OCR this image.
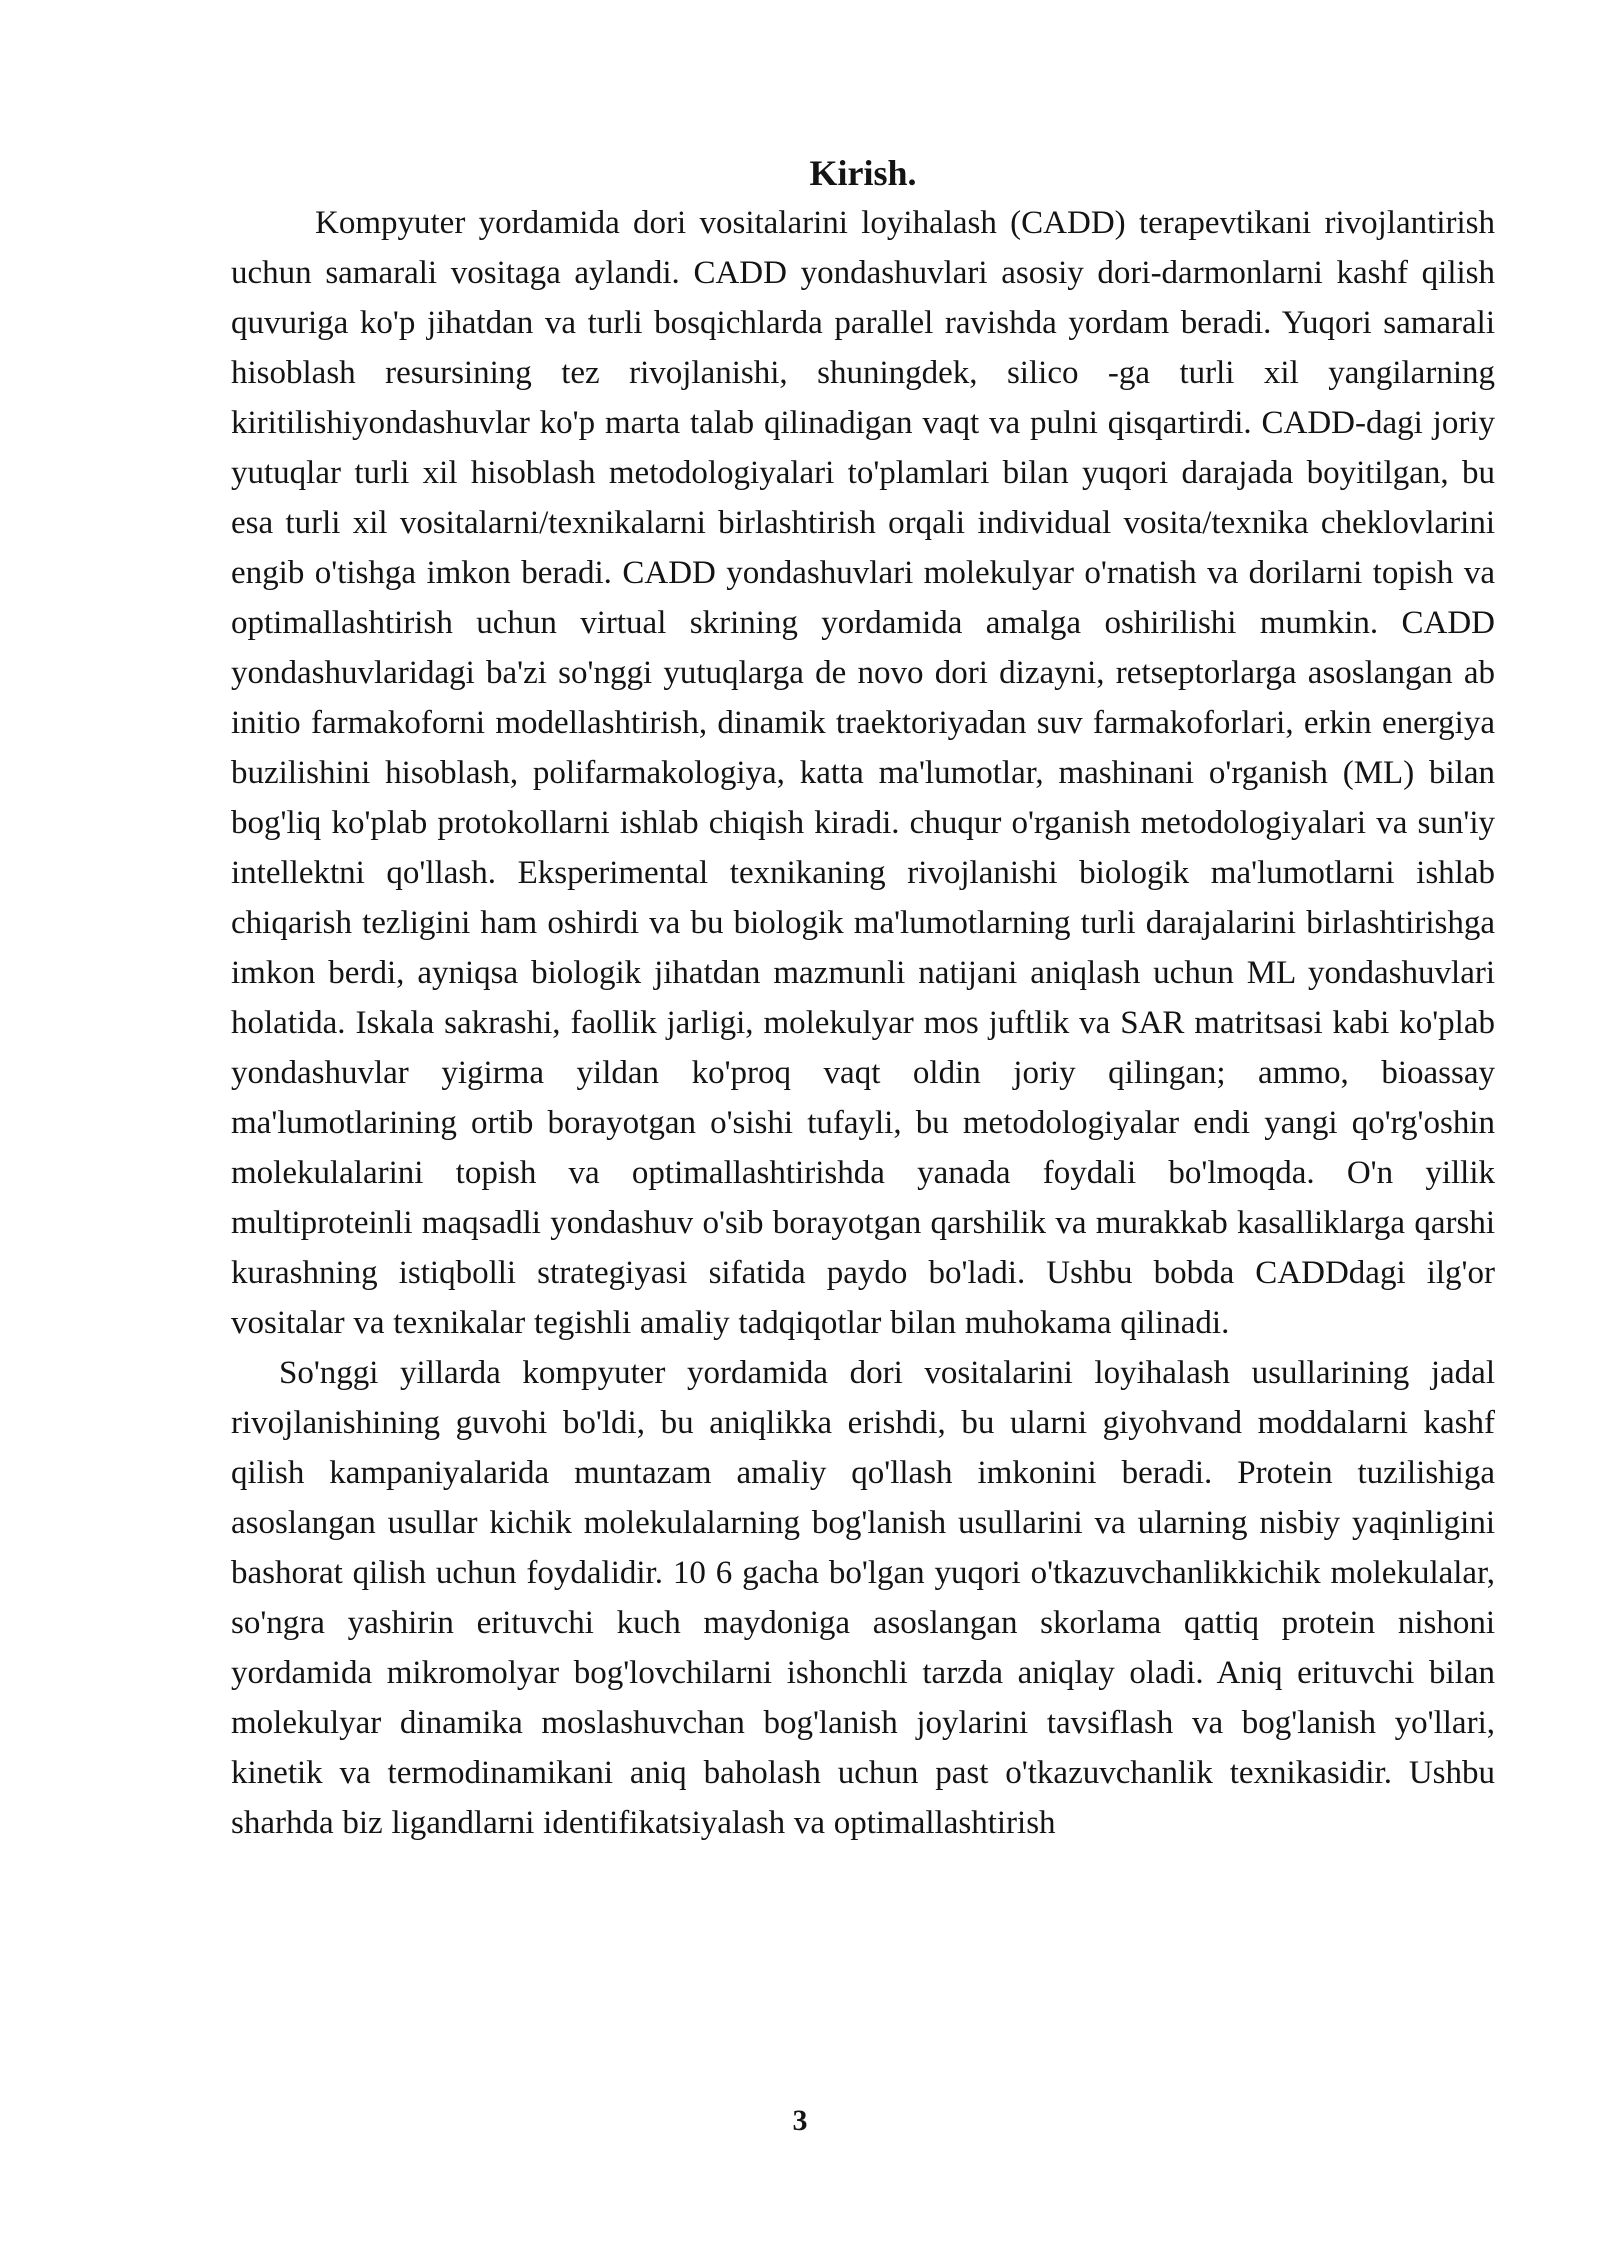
Kirish.

Kompyuter yordamida dori vositalarini loyihalash (CADD) terapevtikani rivojlantirish uchun samarali vositaga aylandi. CADD yondashuvlari asosiy dori-darmonlarni kashf qilish quvuriga ko'p jihatdan va turli bosqichlarda parallel ravishda yordam beradi. Yuqori samarali hisoblash resursining tez rivojlanishi, shuningdek, silico -ga turli xil yangilarning kiritilishiyondashuvlar ko'p marta talab qilinadigan vaqt va pulni qisqartirdi. CADD-dagi joriy yutuqlar turli xil hisoblash metodologiyalari to'plamlari bilan yuqori darajada boyitilgan, bu esa turli xil vositalarni/texnikalarni birlashtirish orqali individual vosita/texnika cheklovlarini engib o'tishga imkon beradi. CADD yondashuvlari molekulyar o'rnatish va dorilarni topish va optimallashtirish uchun virtual skrining yordamida amalga oshirilishi mumkin. CADD yondashuvlaridagi ba'zi so'nggi yutuqlarga de novo dori dizayni, retseptorlarga asoslangan ab initio farmakoforni modellashtirish, dinamik traektoriyadan suv farmakoforlari, erkin energiya buzilishini hisoblash, polifarmakologiya, katta ma'lumotlar, mashinani o'rganish (ML) bilan bog'liq ko'plab protokollarni ishlab chiqish kiradi. chuqur o'rganish metodologiyalari va sun'iy intellektni qo'llash. Eksperimental texnikaning rivojlanishi biologik ma'lumotlarni ishlab chiqarish tezligini ham oshirdi va bu biologik ma'lumotlarning turli darajalarini birlashtirishga imkon berdi, ayniqsa biologik jihatdan mazmunli natijani aniqlash uchun ML yondashuvlari holatida. Iskala sakrashi, faollik jarligi, molekulyar mos juftlik va SAR matritsasi kabi ko'plab yondashuvlar yigirma yildan ko'proq vaqt oldin joriy qilingan; ammo, bioassay ma'lumotlarining ortib borayotgan o'sishi tufayli, bu metodologiyalar endi yangi qo'rg'oshin molekulalarini topish va optimallashtirishda yanada foydali bo'lmoqda. O'n yillik multiproteinli maqsadli yondashuv o'sib borayotgan qarshilik va murakkab kasalliklarga qarshi kurashning istiqbolli strategiyasi sifatida paydo bo'ladi. Ushbu bobda CADDdagi ilg'or vositalar va texnikalar tegishli amaliy tadqiqotlar bilan muhokama qilinadi.

So'nggi yillarda kompyuter yordamida dori vositalarini loyihalash usullarining jadal rivojlanishining guvohi bo'ldi, bu aniqlikka erishdi, bu ularni giyohvand moddalarni kashf qilish kampaniyalarida muntazam amaliy qo'llash imkonini beradi. Protein tuzilishiga asoslangan usullar kichik molekulalarning bog'lanish usullarini va ularning nisbiy yaqinligini bashorat qilish uchun foydalidir. 10 6 gacha bo'lgan yuqori o'tkazuvchanlikkichik molekulalar, so'ngra yashirin erituvchi kuch maydoniga asoslangan skorlama qattiq protein nishoni yordamida mikromolyar bog'lovchilarni ishonchli tarzda aniqlay oladi. Aniq erituvchi bilan molekulyar dinamika moslashuvchan bog'lanish joylarini tavsiflash va bog'lanish yo'llari, kinetik va termodinamikani aniq baholash uchun past o'tkazuvchanlik texnikasidir. Ushbu sharhda biz ligandlarni identifikatsiyalash va optimallashtirish

3
